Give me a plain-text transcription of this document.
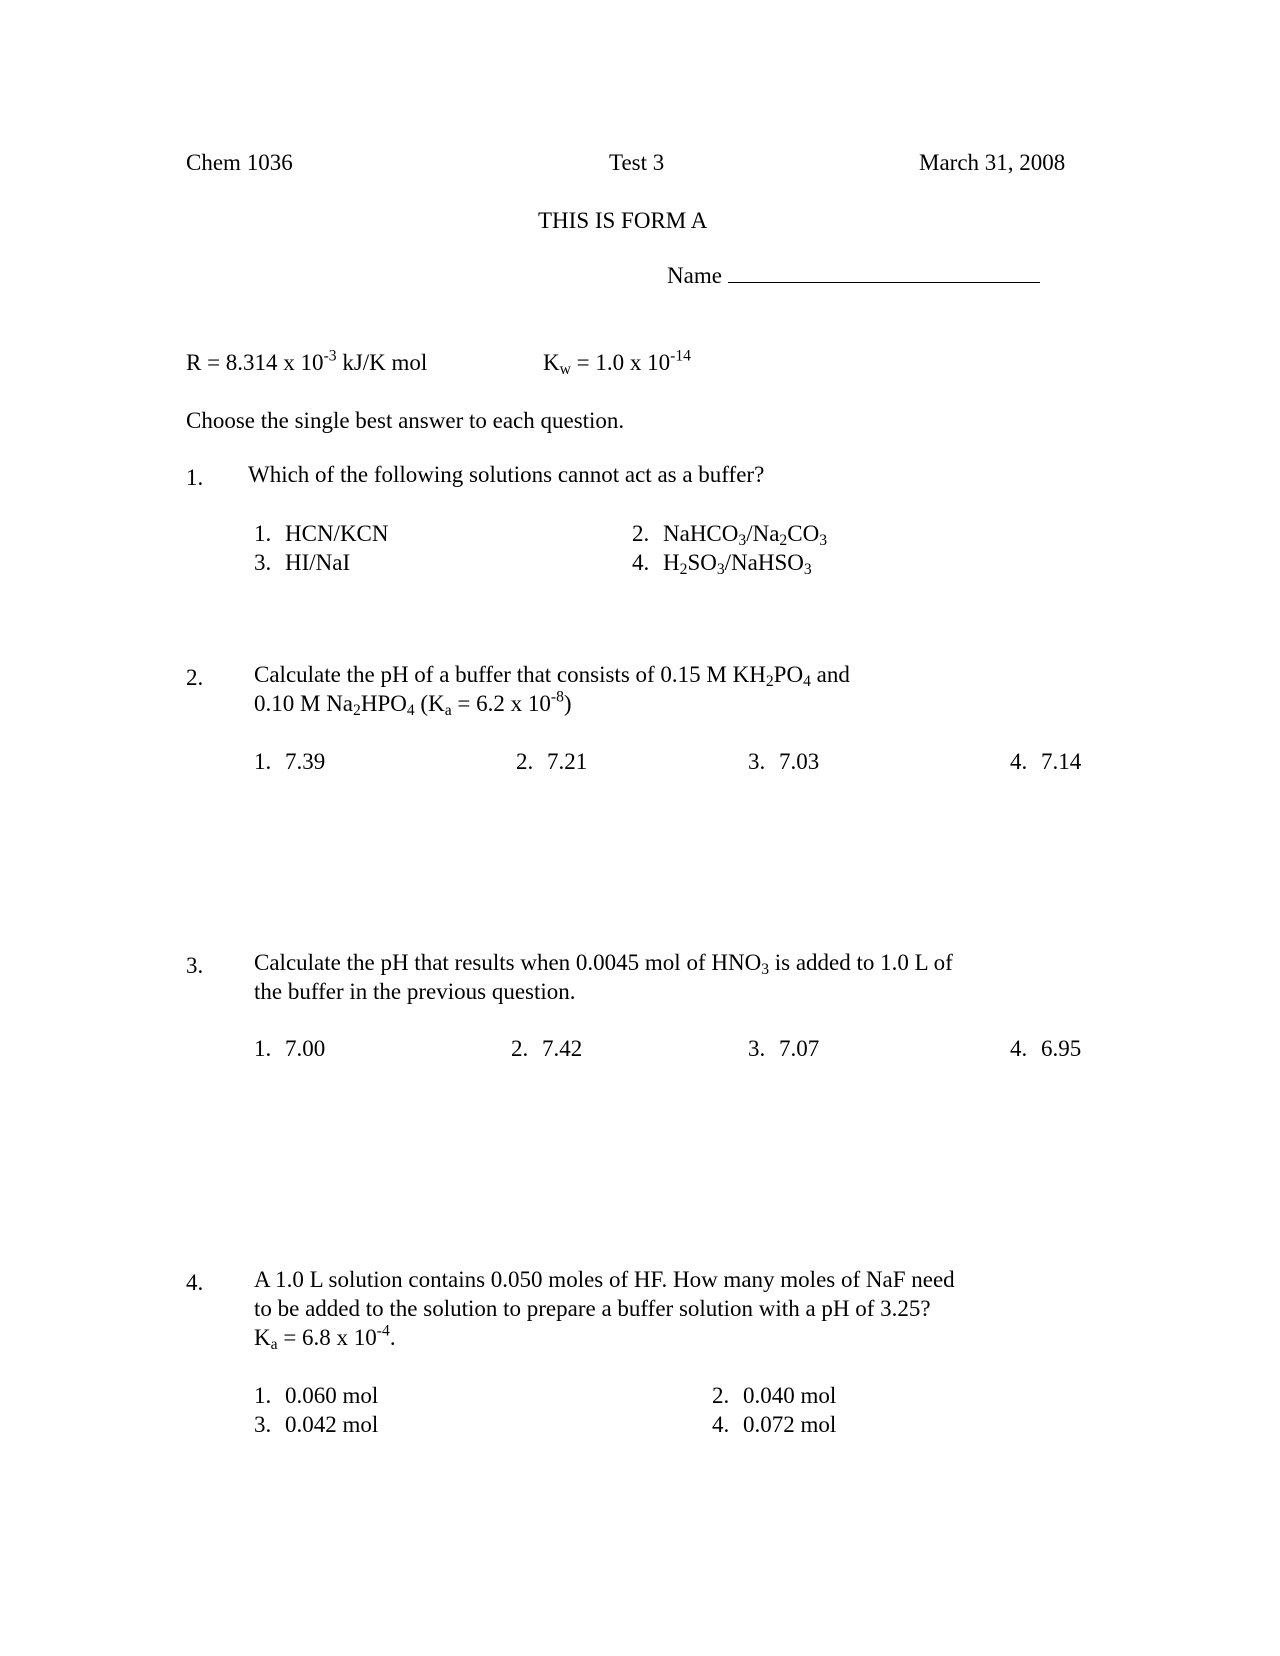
Chem 1036	Test 3	March 31, 2008
THIS IS FORM A
Name
R = 8.314 x $10^{-3}$ kJ/K mol	$K_w = 1.0$ x $10^{-14}$
Choose the single best answer to each question.
1. Which of the following solutions cannot act as a buffer?
1. HCN/KCN	2. $NaHCO_3/Na_2CO_3$
3. HI/NaI	4. $H_2SO_3/NaHSO_3$
2. Calculate the pH of a buffer that consists of 0.15 M $KH_2PO_4$ and
0.10 M $Na_2HPO_4$ ($K_a = 6.2$ x $10^{-8}$)
1. 7.39	2. 7.21	3. 7.03	4. 7.14
3. Calculate the pH that results when 0.0045 mol of $HNO_3$ is added to 1.0 L of
the buffer in the previous question.
1. 7.00	2. 7.42	3. 7.07	4. 6.95
4. A 1.0 L solution contains 0.050 moles of HF. How many moles of NaF need
to be added to the solution to prepare a buffer solution with a pH of 3.25?
$K_a = 6.8$ x $10^{-4}$.
1. 0.060 mol	2. 0.040 mol
3. 0.042 mol	4. 0.072 mol
